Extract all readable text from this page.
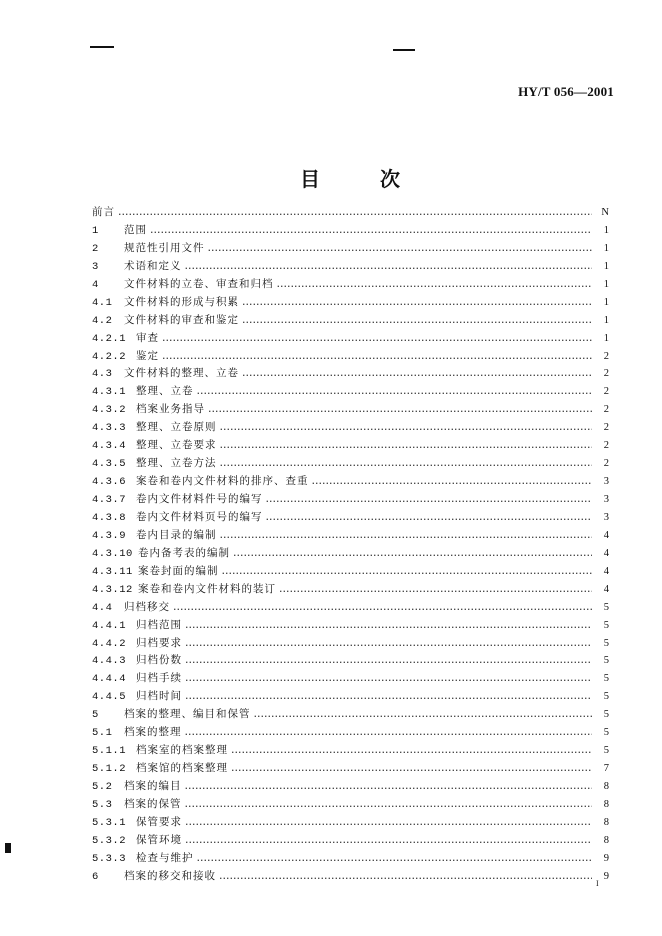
HY/T 056—2001
目	次
前言 ……………………………………………………………………………………………………………………………………………………………………………………………………………………………………	N
1	范围 ……………………………………………………………………………………………………………………………………………………………………………………………………………………………………	1
2	规范性引用文件 ……………………………………………………………………………………………………………………………………………………………………………………………………………………………………	1
3	术语和定义 ……………………………………………………………………………………………………………………………………………………………………………………………………………………………………	1
4	文件材料的立卷、审查和归档 ……………………………………………………………………………………………………………………………………………………………………………………………………………………………………	1
4.1	文件材料的形成与积累 ……………………………………………………………………………………………………………………………………………………………………………………………………………………………………	1
4.2	文件材料的审查和鉴定 ……………………………………………………………………………………………………………………………………………………………………………………………………………………………………	1
4.2.1 审查 ……………………………………………………………………………………………………………………………………………………………………………………………………………………………………	1
4.2.2 鉴定 ……………………………………………………………………………………………………………………………………………………………………………………………………………………………………	2
4.3	文件材料的整理、立卷 ……………………………………………………………………………………………………………………………………………………………………………………………………………………………………	2
4.3.1 整理、立卷 ……………………………………………………………………………………………………………………………………………………………………………………………………………………………………	2
4.3.2 档案业务指导 ……………………………………………………………………………………………………………………………………………………………………………………………………………………………………	2
4.3.3 整理、立卷原则 ……………………………………………………………………………………………………………………………………………………………………………………………………………………………………	2
4.3.4 整理、立卷要求 ……………………………………………………………………………………………………………………………………………………………………………………………………………………………………	2
4.3.5 整理、立卷方法 ……………………………………………………………………………………………………………………………………………………………………………………………………………………………………	2
4.3.6 案卷和卷内文件材料的排序、查重 ……………………………………………………………………………………………………………………………………………………………………………………………………………………………………	3
4.3.7 卷内文件材料件号的编写 ……………………………………………………………………………………………………………………………………………………………………………………………………………………………………	3
4.3.8 卷内文件材料页号的编写 ……………………………………………………………………………………………………………………………………………………………………………………………………………………………………	3
4.3.9 卷内目录的编制 ……………………………………………………………………………………………………………………………………………………………………………………………………………………………………	4
4.3.10 卷内备考表的编制 ……………………………………………………………………………………………………………………………………………………………………………………………………………………………………	4
4.3.11 案卷封面的编制 ……………………………………………………………………………………………………………………………………………………………………………………………………………………………………	4
4.3.12 案卷和卷内文件材料的装订 ……………………………………………………………………………………………………………………………………………………………………………………………………………………………………	4
4.4	归档移交 ……………………………………………………………………………………………………………………………………………………………………………………………………………………………………	5
4.4.1 归档范围 ……………………………………………………………………………………………………………………………………………………………………………………………………………………………………	5
4.4.2 归档要求 ……………………………………………………………………………………………………………………………………………………………………………………………………………………………………	5
4.4.3 归档份数 ……………………………………………………………………………………………………………………………………………………………………………………………………………………………………	5
4.4.4 归档手续 ……………………………………………………………………………………………………………………………………………………………………………………………………………………………………	5
4.4.5 归档时间 ……………………………………………………………………………………………………………………………………………………………………………………………………………………………………	5
5	档案的整理、编目和保管 ……………………………………………………………………………………………………………………………………………………………………………………………………………………………………	5
5.1	档案的整理 ……………………………………………………………………………………………………………………………………………………………………………………………………………………………………	5
5.1.1 档案室的档案整理 ……………………………………………………………………………………………………………………………………………………………………………………………………………………………………	5
5.1.2 档案馆的档案整理 ……………………………………………………………………………………………………………………………………………………………………………………………………………………………………	7
5.2	档案的编目 ……………………………………………………………………………………………………………………………………………………………………………………………………………………………………	8
5.3	档案的保管 ……………………………………………………………………………………………………………………………………………………………………………………………………………………………………	8
5.3.1 保管要求 ……………………………………………………………………………………………………………………………………………………………………………………………………………………………………	8
5.3.2 保管环境 ……………………………………………………………………………………………………………………………………………………………………………………………………………………………………	8
5.3.3 检查与维护 ……………………………………………………………………………………………………………………………………………………………………………………………………………………………………	9
6	档案的移交和接收 ……………………………………………………………………………………………………………………………………………………………………………………………………………………………………	9
I
